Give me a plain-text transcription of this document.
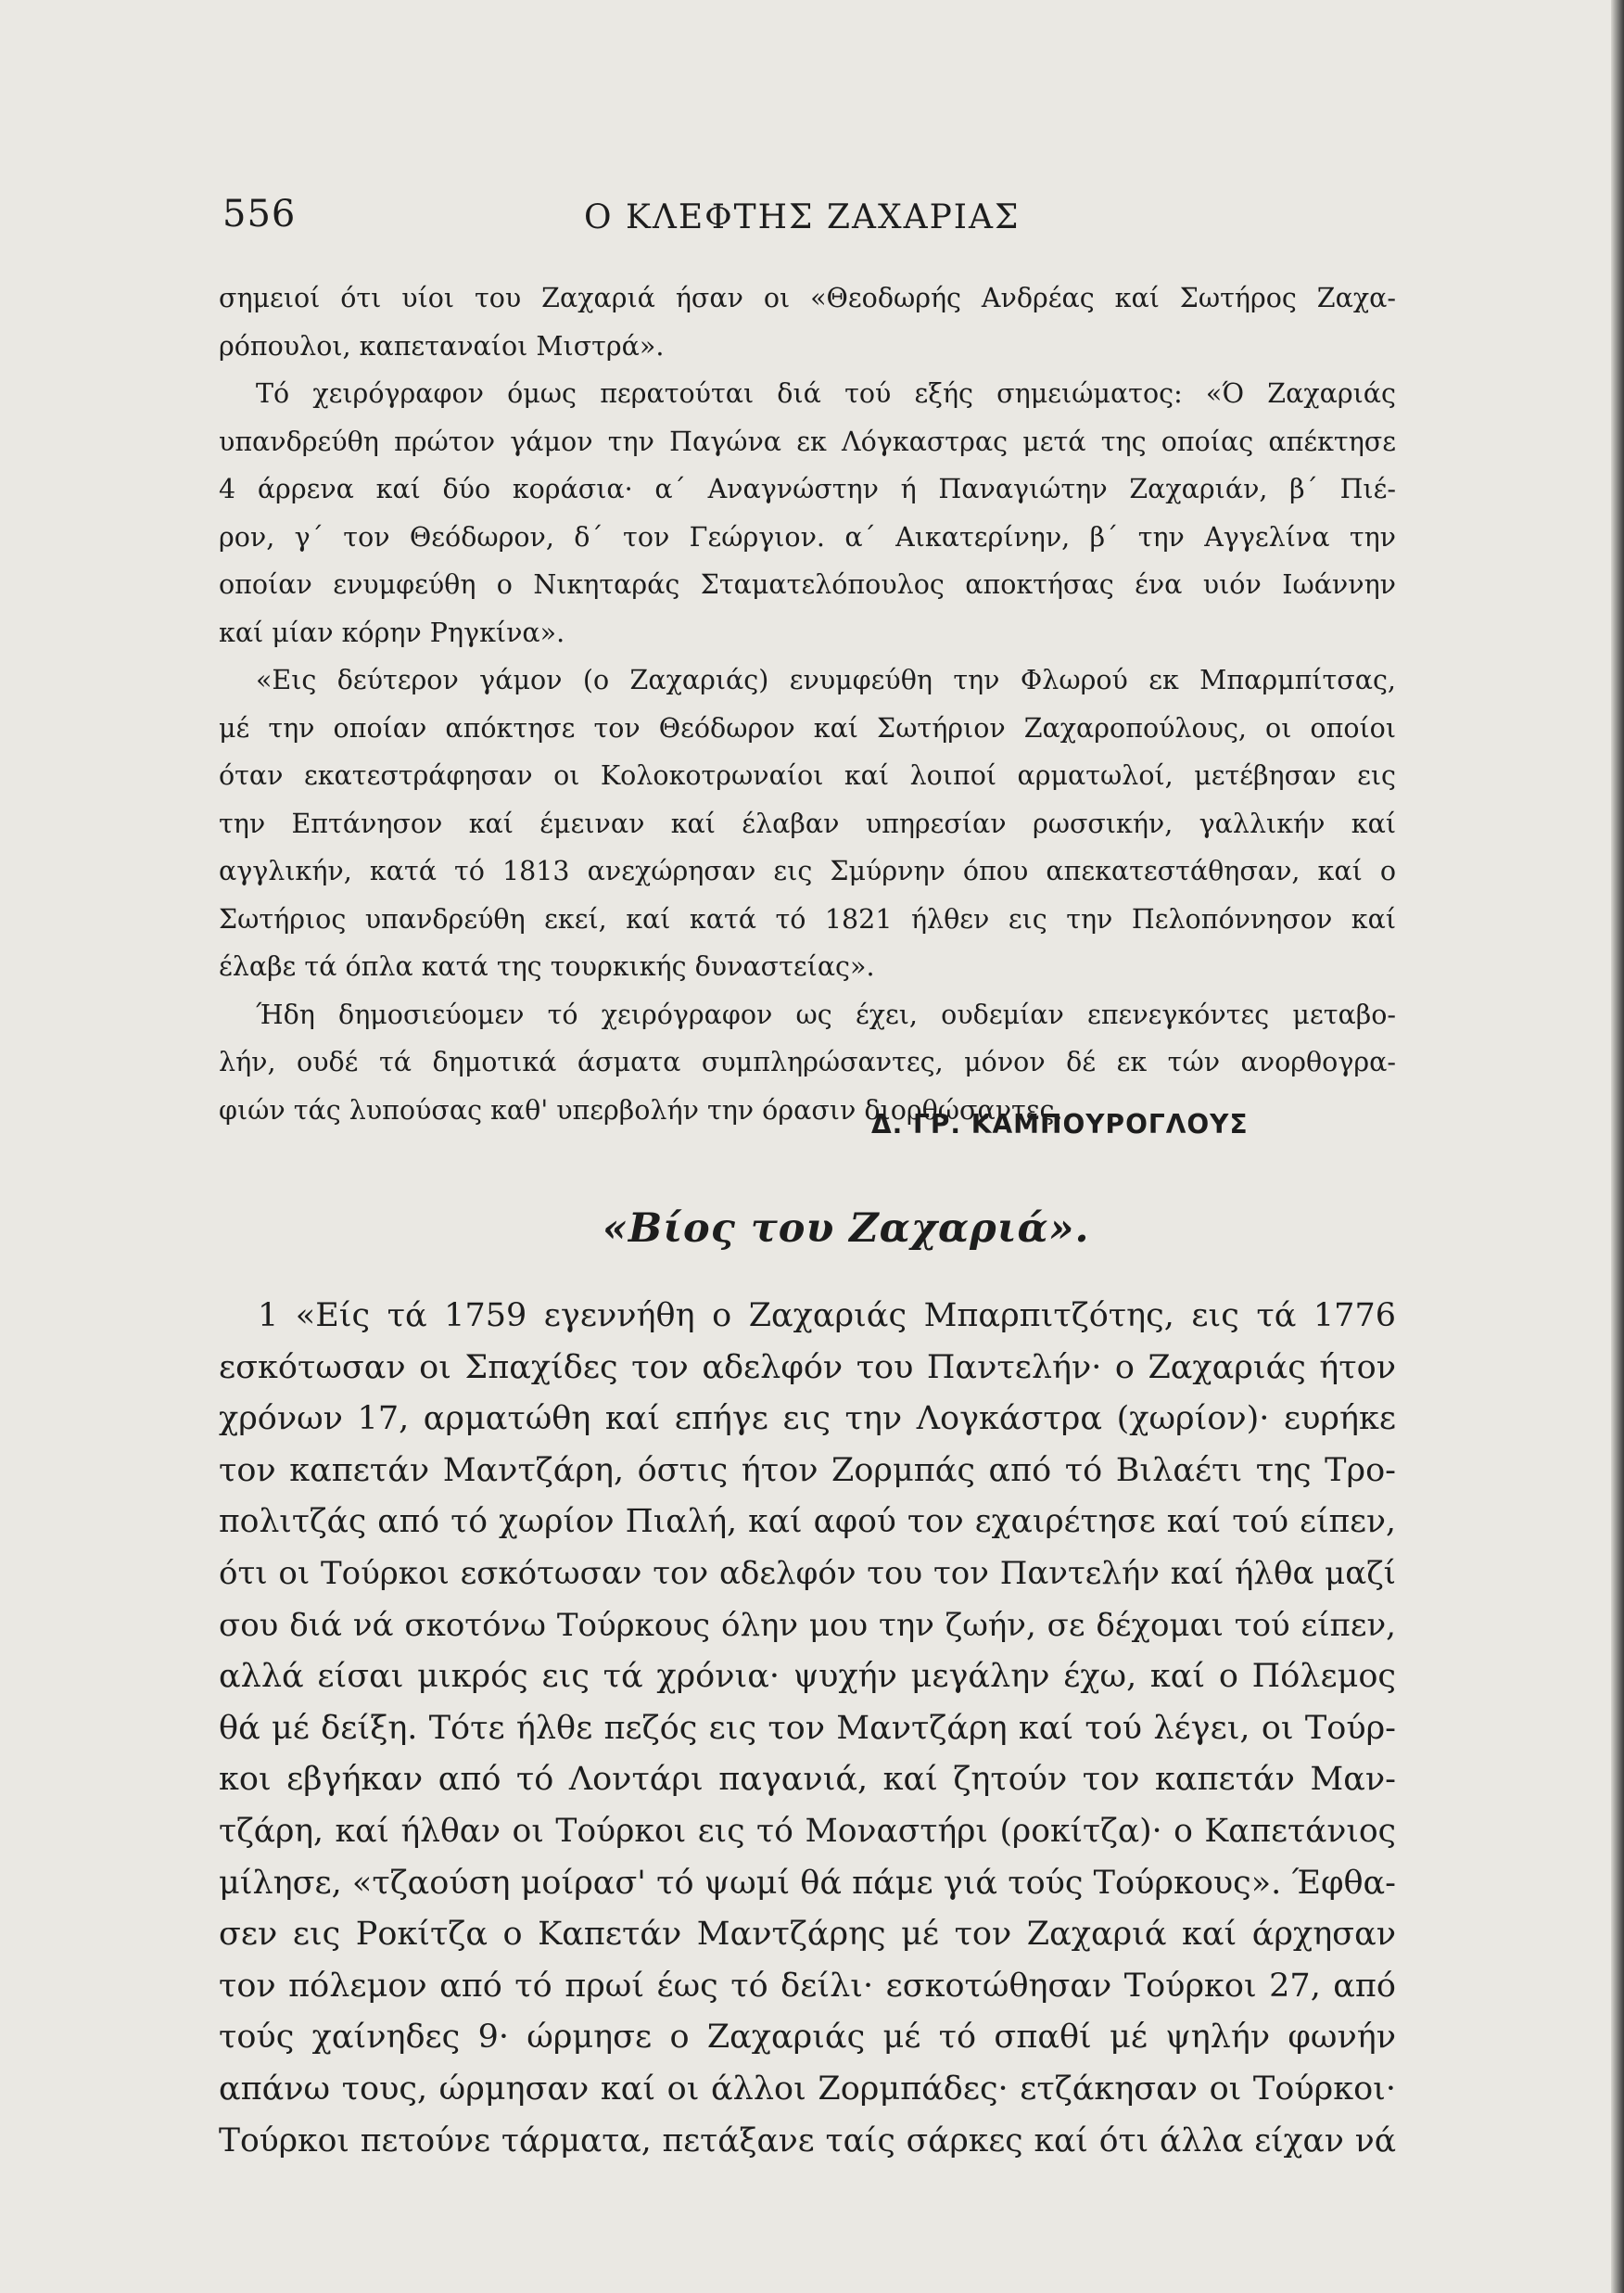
556	Ο ΚΛΕΦΤΗΣ ΖΑΧΑΡΙΑΣ

σημειοί ότι υίοι του Ζαχαριά ήσαν οι «Θεοδωρής Ανδρέας καί Σωτήρος Ζαχα-

ρόπουλοι, καπεταναίοι Μιστρά».

Τό χειρόγραφον όμως περατούται διά τού εξής σημειώματος: «Ό Ζαχαριάς

υπανδρεύθη πρώτον γάμον την Παγώνα εκ Λόγκαστρας μετά της οποίας απέκτησε

4 άρρενα καί δύο κοράσια· α΄ Αναγνώστην ή Παναγιώτην Ζαχαριάν, β΄ Πιέ-

ρον, γ΄ τον Θεόδωρον, δ΄ τον Γεώργιον. α΄ Αικατερίνην, β΄ την Αγγελίνα την

οποίαν ενυμφεύθη ο Νικηταράς Σταματελόπουλος αποκτήσας ένα υιόν Ιωάννην

καί μίαν κόρην Ρηγκίνα».

«Εις δεύτερον γάμον (ο Ζαχαριάς) ενυμφεύθη την Φλωρού εκ Μπαρμπίτσας,

μέ την οποίαν απόκτησε τον Θεόδωρον καί Σωτήριον Ζαχαροπούλους, οι οποίοι

όταν εκατεστράφησαν οι Κολοκοτρωναίοι καί λοιποί αρματωλοί, μετέβησαν εις

την Επτάνησον καί έμειναν καί έλαβαν υπηρεσίαν ρωσσικήν, γαλλικήν καί

αγγλικήν, κατά τό 1813 ανεχώρησαν εις Σμύρνην όπου απεκατεστάθησαν, καί ο

Σωτήριος υπανδρεύθη εκεί, καί κατά τό 1821 ήλθεν εις την Πελοπόννησον καί

έλαβε τά όπλα κατά της τουρκικής δυναστείας».

Ήδη δημοσιεύομεν τό χειρόγραφον ως έχει, ουδεμίαν επενεγκόντες μεταβο-

λήν, ουδέ τά δημοτικά άσματα συμπληρώσαντες, μόνον δέ εκ τών ανορθογρα-

φιών τάς λυπούσας καθ' υπερβολήν την όρασιν διορθώσαντες.

Δ. ΓΡ. ΚΑΜΠΟΥΡΟΓΛΟΥΣ
«Βίος του Ζαχαριά».

1 «Είς τά 1759 εγεννήθη ο Ζαχαριάς Μπαρπιτζότης, εις τά 1776

εσκότωσαν οι Σπαχίδες τον αδελφόν του Παντελήν· ο Ζαχαριάς ήτον

χρόνων 17, αρματώθη καί επήγε εις την Λογκάστρα (χωρίον)· ευρήκε

τον καπετάν Μαντζάρη, όστις ήτον Ζορμπάς από τό Βιλαέτι της Τρο-

πολιτζάς από τό χωρίον Πιαλή, καί αφού τον εχαιρέτησε καί τού είπεν,

ότι οι Τούρκοι εσκότωσαν τον αδελφόν του τον Παντελήν καί ήλθα μαζί

σου διά νά σκοτόνω Τούρκους όλην μου την ζωήν, σε δέχομαι τού είπεν,

αλλά είσαι μικρός εις τά χρόνια· ψυχήν μεγάλην έχω, καί ο Πόλεμος

θά μέ δείξη. Τότε ήλθε πεζός εις τον Μαντζάρη καί τού λέγει, οι Τούρ-

κοι εβγήκαν από τό Λοντάρι παγανιά, καί ζητούν τον καπετάν Μαν-

τζάρη, καί ήλθαν οι Τούρκοι εις τό Μοναστήρι (ροκίτζα)· ο Καπετάνιος

μίλησε, «τζαούση μοίρασ' τό ψωμί θά πάμε γιά τούς Τούρκους». Έφθα-

σεν εις Ροκίτζα ο Καπετάν Μαντζάρης μέ τον Ζαχαριά καί άρχησαν

τον πόλεμον από τό πρωί έως τό δείλι· εσκοτώθησαν Τούρκοι 27, από

τούς χαίνηδες 9· ώρμησε ο Ζαχαριάς μέ τό σπαθί μέ ψηλήν φωνήν

απάνω τους, ώρμησαν καί οι άλλοι Ζορμπάδες· ετζάκησαν οι Τούρκοι·

Τούρκοι πετούνε τάρματα, πετάξανε ταίς σάρκες καί ότι άλλα είχαν νά
